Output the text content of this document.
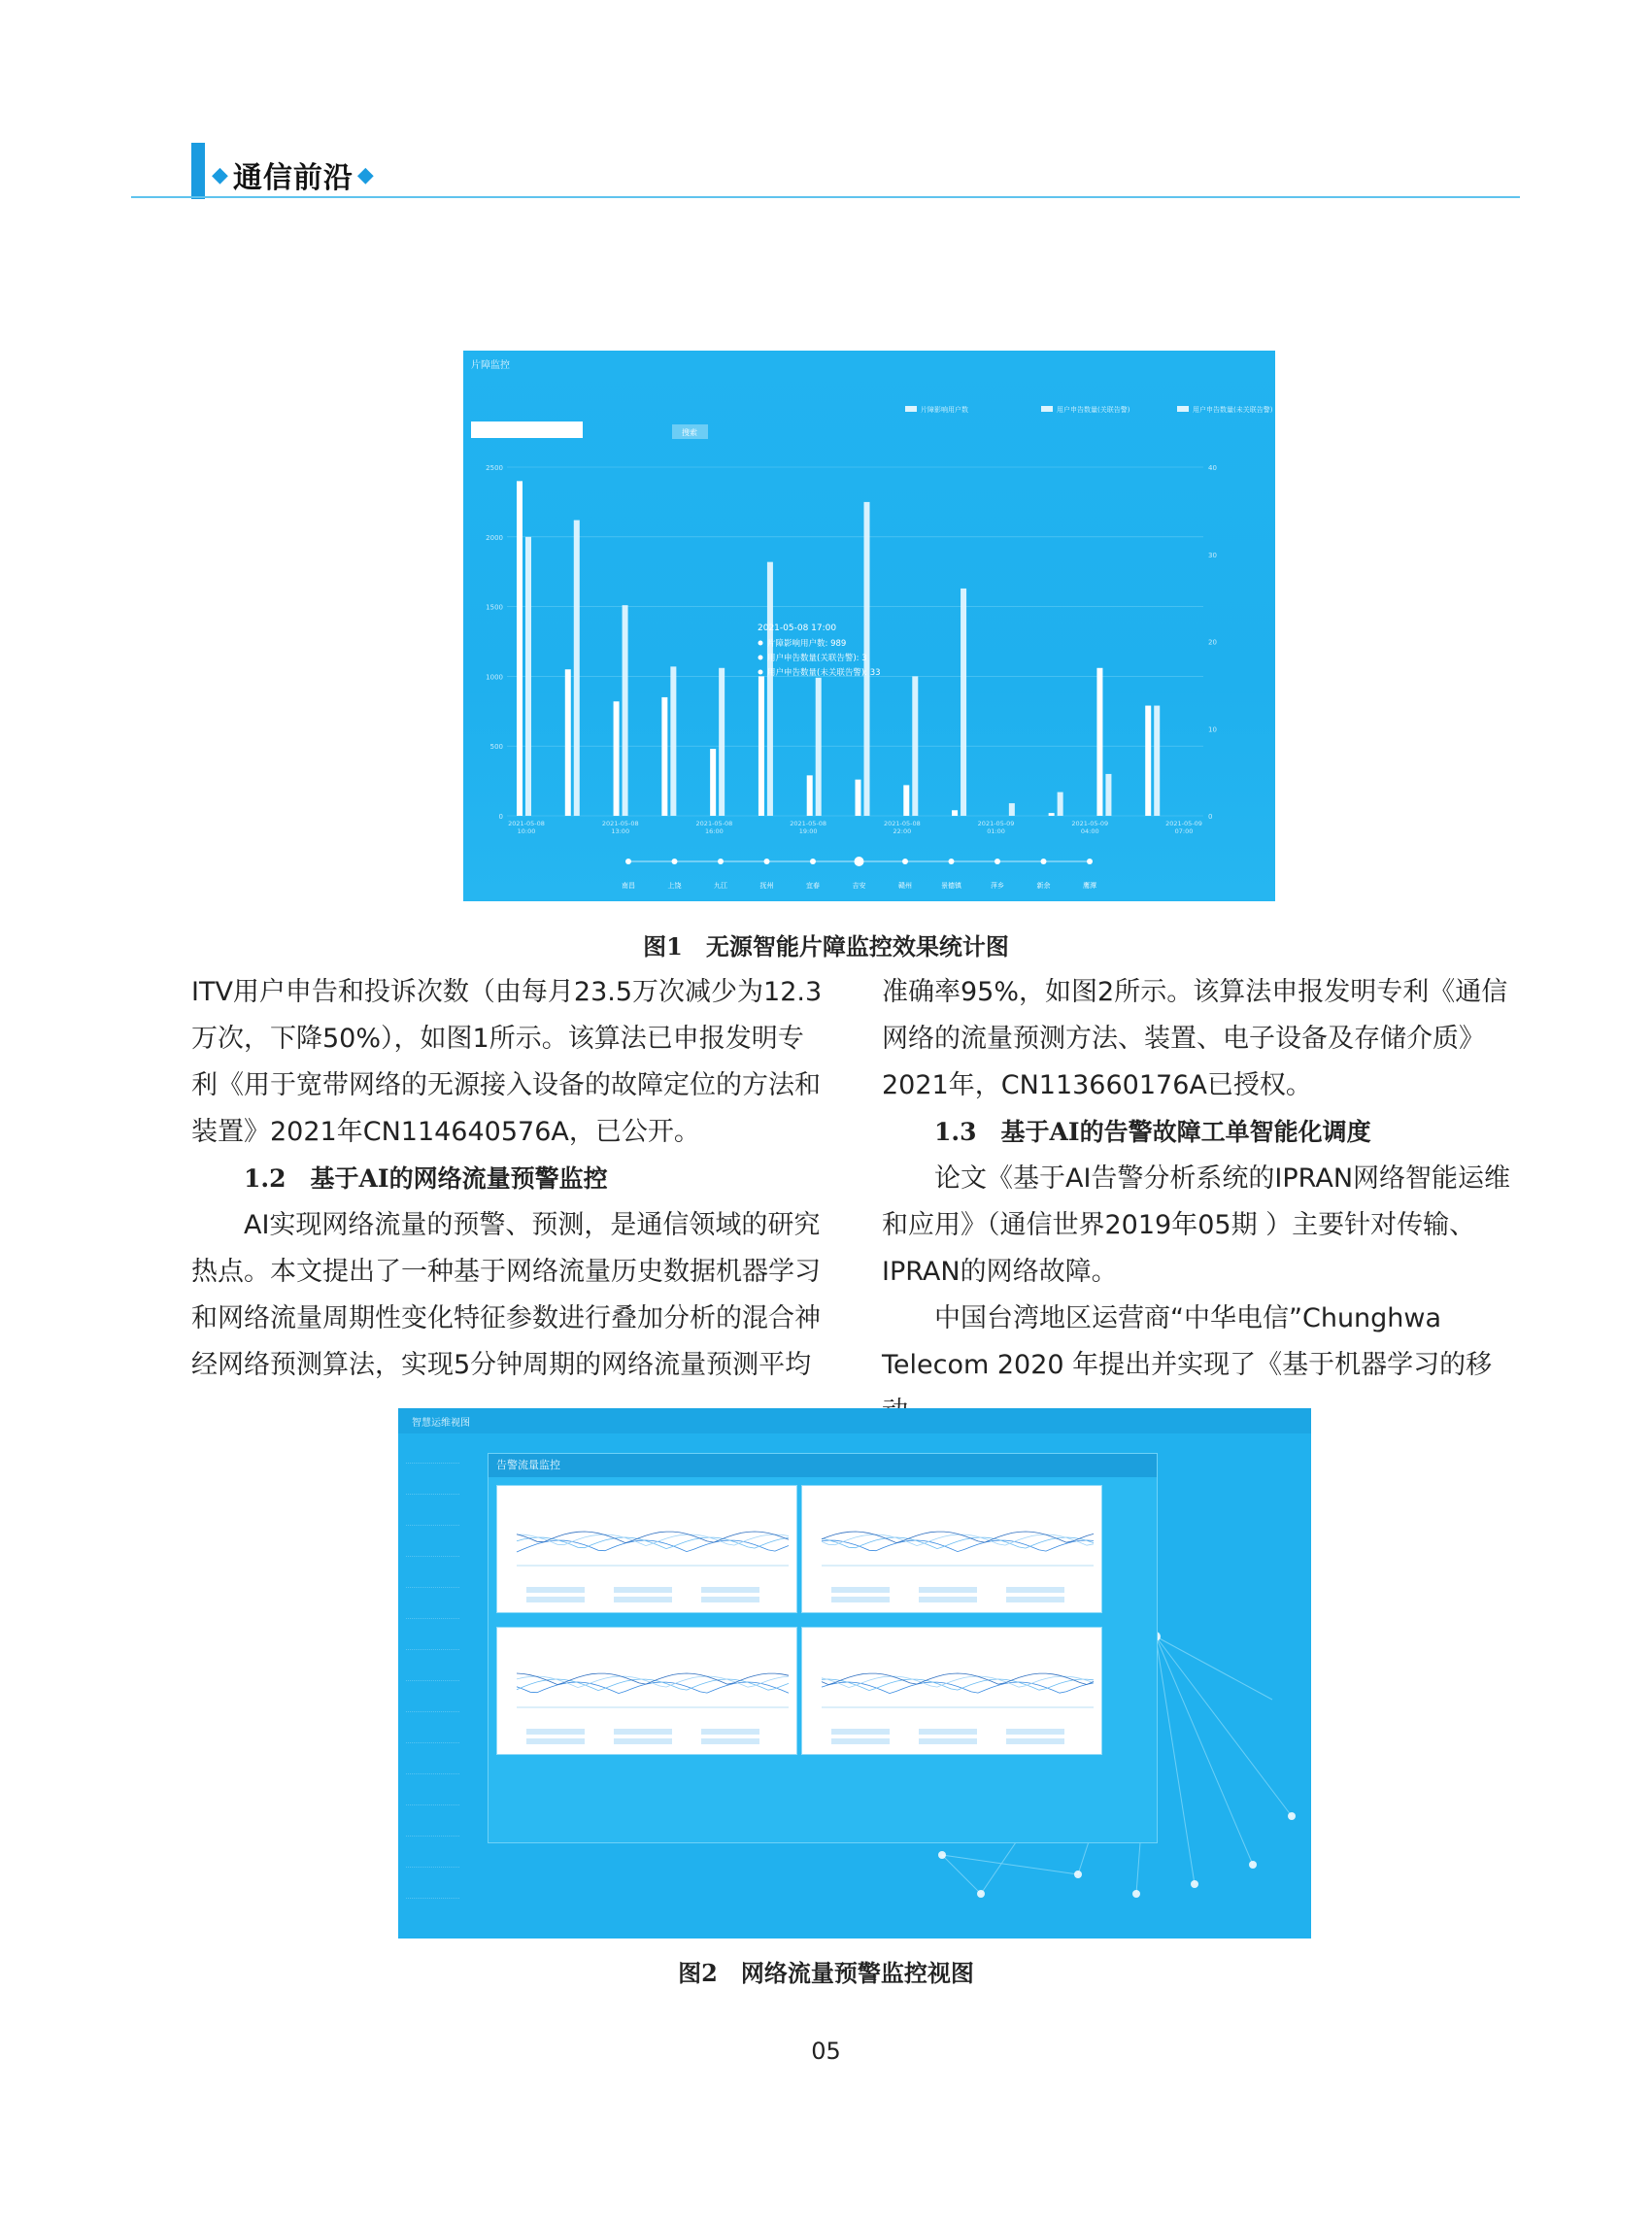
◆ 通信前沿 ◆
片障监控
搜索
片障影响用户数	用户申告数量(关联告警)	用户申告数量(未关联告警)
0
500
1000
1500
2000
2500
0
10
20
30
40
2021-05-08
10:00
2021-05-08
13:00
2021-05-08
16:00
2021-05-08
19:00
2021-05-08
22:00
2021-05-09
01:00
2021-05-09
04:00
2021-05-09
07:00
2021-05-08 17:00
片障影响用户数: 989
用户申告数量(关联告警): 3
用户申告数量(未关联告警): 33
南昌	上饶	九江	抚州	宜春	吉安	赣州	景德镇	萍乡	新余	鹰潭
图1　无源智能片障监控效果统计图

ITV用户申告和投诉次数（由每月23.5万次减少为12.3万次，下降50%），如图1所示。该算法已申报发明专利《用于宽带网络的无源接入设备的故障定位的方法和装置》2021年CN114640576A，已公开。

1.2　基于AI的网络流量预警监控

AI实现网络流量的预警、预测，是通信领域的研究热点。本文提出了一种基于网络流量历史数据机器学习和网络流量周期性变化特征参数进行叠加分析的混合神经网络预测算法，实现5分钟周期的网络流量预测平均

准确率95%，如图2所示。该算法申报发明专利《通信网络的流量预测方法、装置、电子设备及存储介质》2021年，CN113660176A已授权。

1.3　基于AI的告警故障工单智能化调度

论文《基于AI告警分析系统的IPRAN网络智能运维和应用》（通信世界2019年05期 ）主要针对传输、IPRAN的网络故障。

中国台湾地区运营商“中华电信”Chunghwa Telecom 2020 年提出并实现了《基于机器学习的移

智慧运维视图
告警流量监控
图2　网络流量预警监控视图
05
